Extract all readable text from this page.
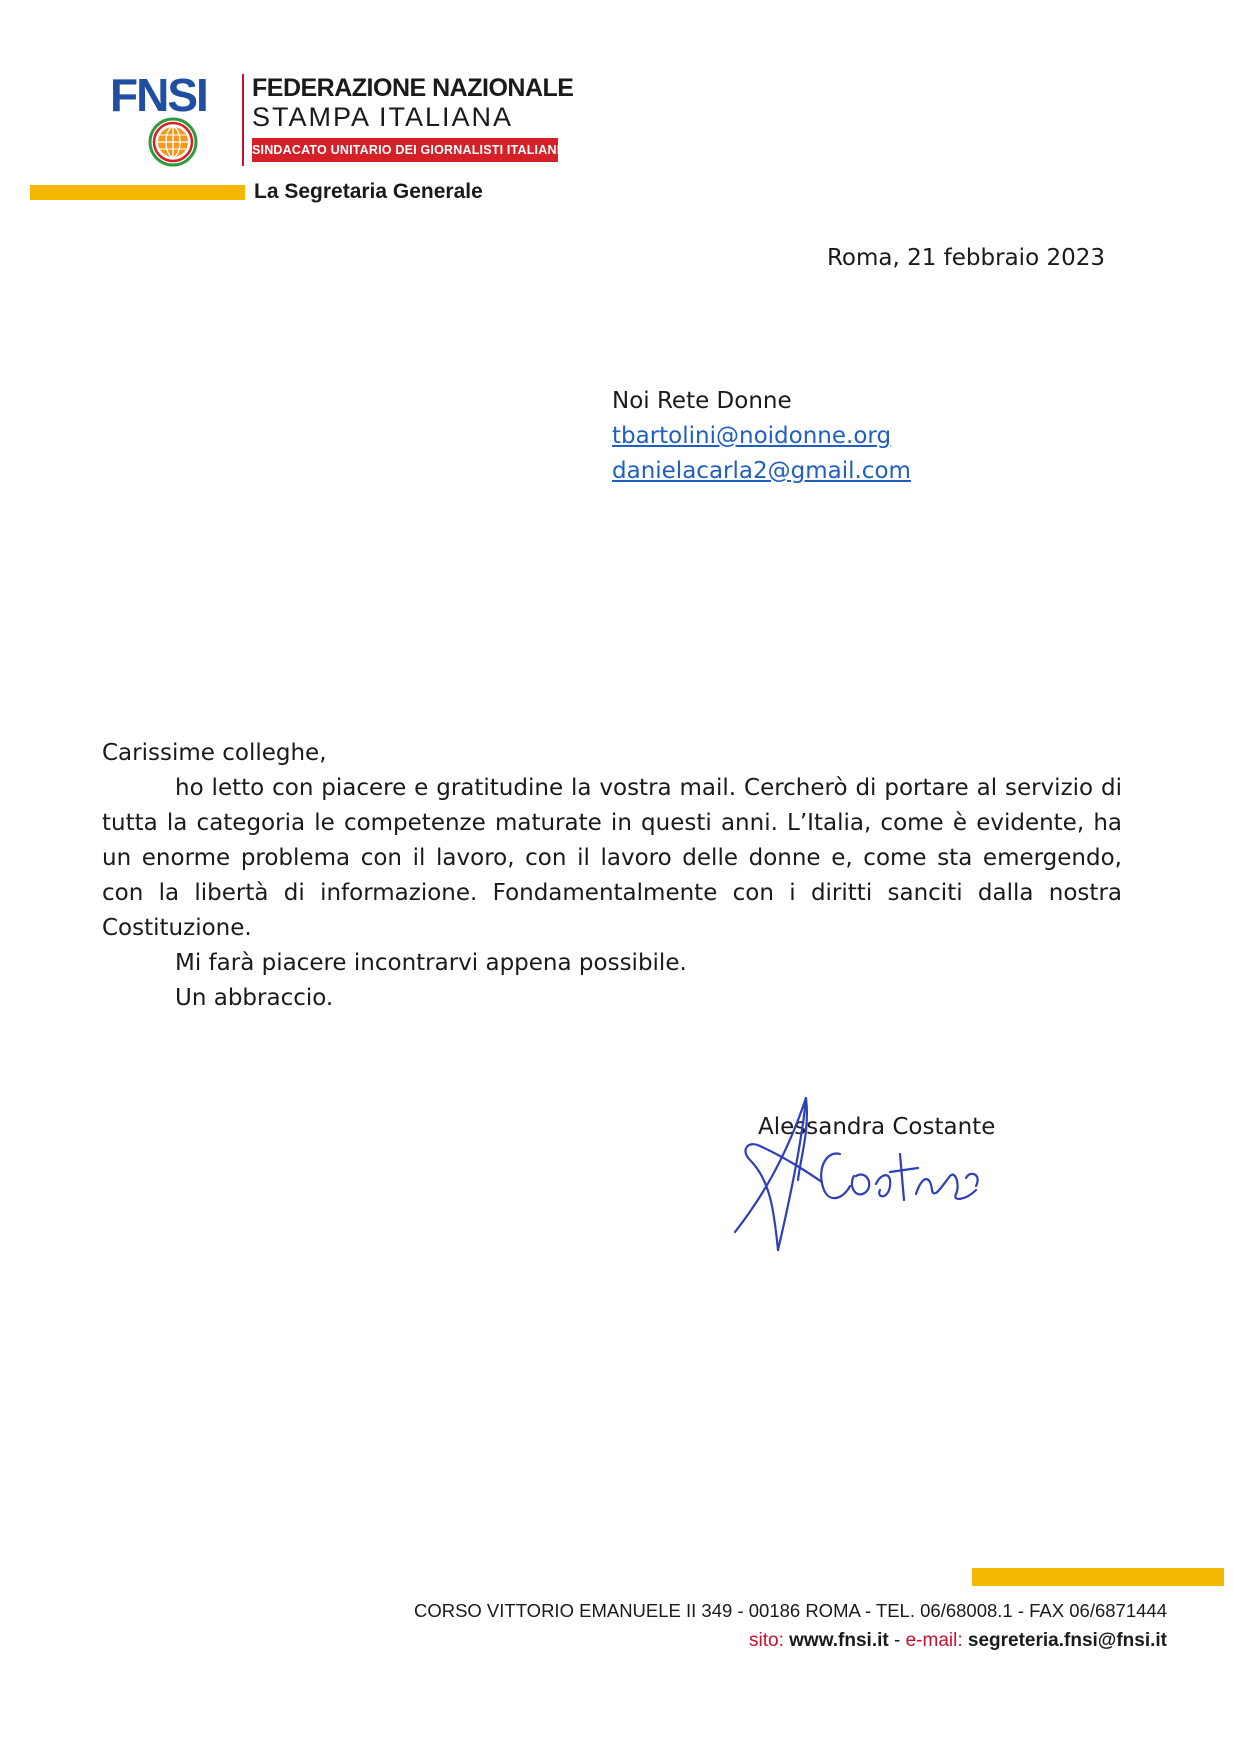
FNSI FEDERAZIONE NAZIONALE
STAMPA ITALIANA
SINDACATO UNITARIO DEI GIORNALISTI ITALIANI
La Segretaria Generale
Roma, 21 febbraio 2023
Noi Rete Donne
tbartolini@noidonne.org
danielacarla2@gmail.com

Carissime colleghe,

ho letto con piacere e gratitudine la vostra mail. Cercherò di portare al servizio di tutta la categoria le competenze maturate in questi anni. L’Italia, come è evidente, ha un enorme problema con il lavoro, con il lavoro delle donne e, come sta emergendo, con la libertà di informazione. Fondamentalmente con i diritti sanciti dalla nostra Costituzione.

Mi farà piacere incontrarvi appena possibile.

Un abbraccio.

Alessandra Costante
CORSO VITTORIO EMANUELE II 349 - 00186 ROMA - TEL. 06/68008.1 - FAX 06/6871444
sito: www.fnsi.it - e-mail: segreteria.fnsi@fnsi.it
